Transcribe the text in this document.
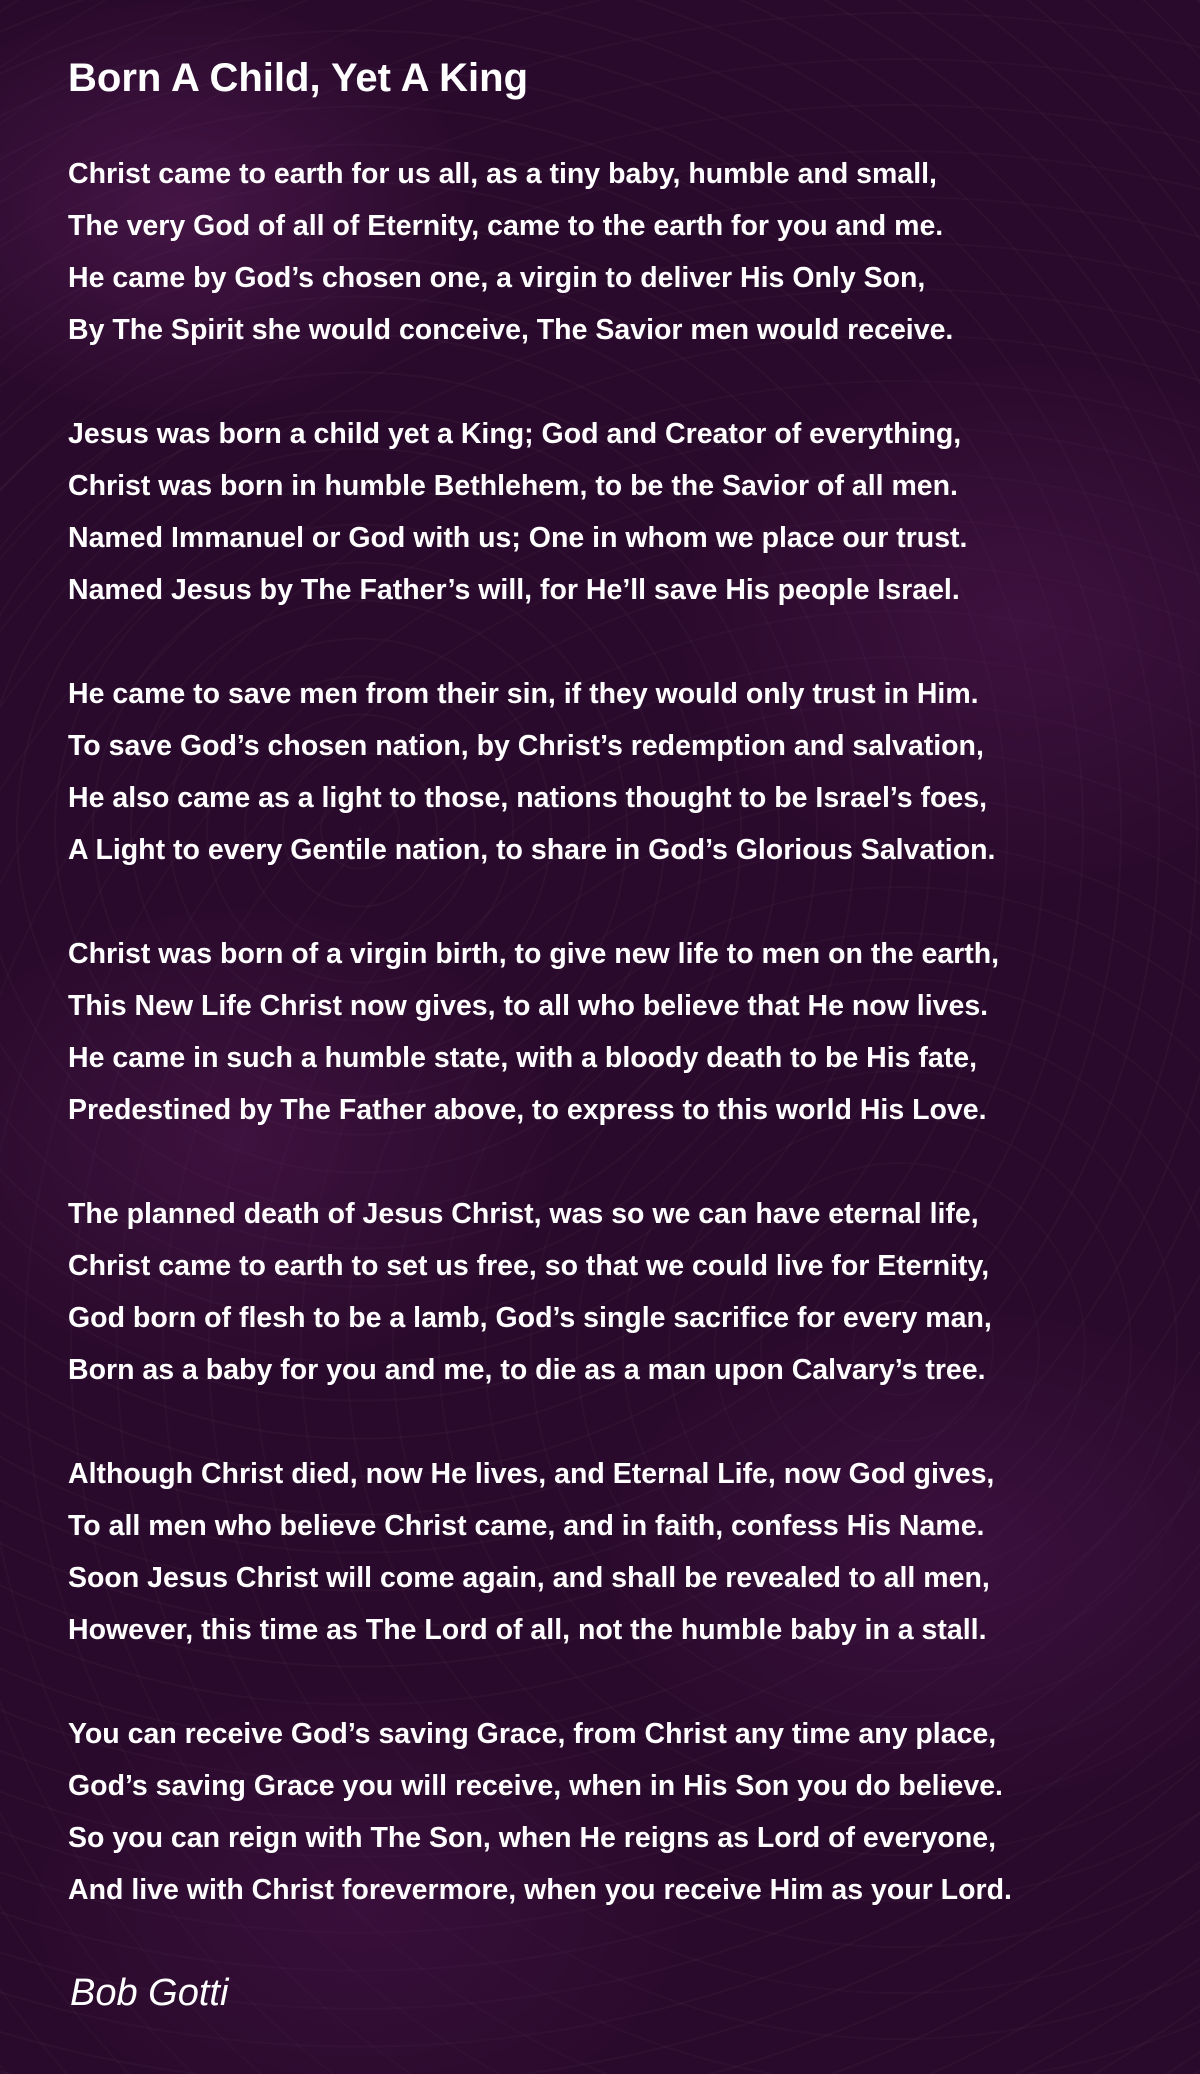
Born A Child, Yet A King
Christ came to earth for us all, as a tiny baby, humble and small,
The very God of all of Eternity, came to the earth for you and me.
He came by God’s chosen one, a virgin to deliver His Only Son,
By The Spirit she would conceive, The Savior men would receive.
Jesus was born a child yet a King; God and Creator of everything,
Christ was born in humble Bethlehem, to be the Savior of all men.
Named Immanuel or God with us; One in whom we place our trust.
Named Jesus by The Father’s will, for He’ll save His people Israel.
He came to save men from their sin, if they would only trust in Him.
To save God’s chosen nation, by Christ’s redemption and salvation,
He also came as a light to those, nations thought to be Israel’s foes,
A Light to every Gentile nation, to share in God’s Glorious Salvation.
Christ was born of a virgin birth, to give new life to men on the earth,
This New Life Christ now gives, to all who believe that He now lives.
He came in such a humble state, with a bloody death to be His fate,
Predestined by The Father above, to express to this world His Love.
The planned death of Jesus Christ, was so we can have eternal life,
Christ came to earth to set us free, so that we could live for Eternity,
God born of flesh to be a lamb, God’s single sacrifice for every man,
Born as a baby for you and me, to die as a man upon Calvary’s tree.
Although Christ died, now He lives, and Eternal Life, now God gives,
To all men who believe Christ came, and in faith, confess His Name.
Soon Jesus Christ will come again, and shall be revealed to all men,
However, this time as The Lord of all, not the humble baby in a stall.
You can receive God’s saving Grace, from Christ any time any place,
God’s saving Grace you will receive, when in His Son you do believe.
So you can reign with The Son, when He reigns as Lord of everyone,
And live with Christ forevermore, when you receive Him as your Lord.
Bob Gotti
